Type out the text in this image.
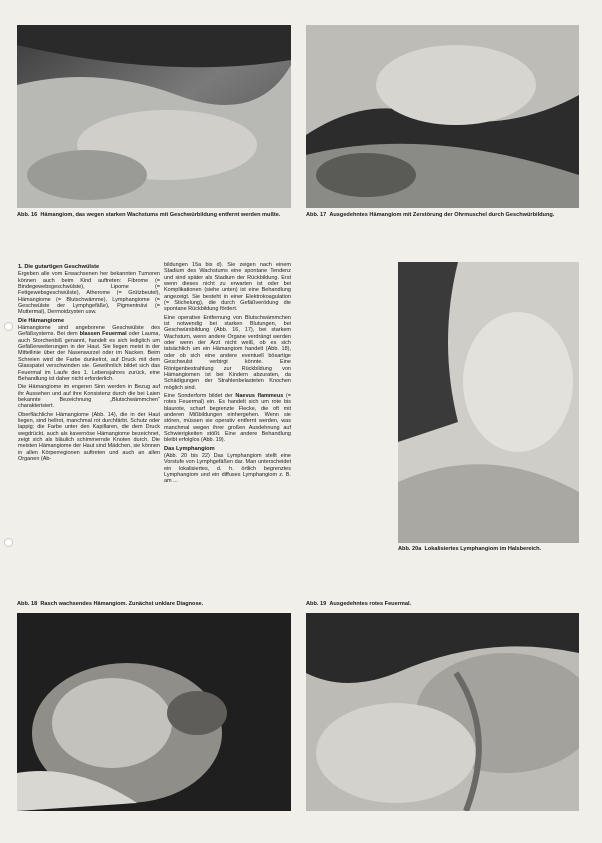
Abb. 16 Hämangiom, das wegen starken Wachstums mit Geschwürbildung entfernt werden mußte.	Abb. 17 Ausgedehntes Hämangiom mit Zerstörung der Ohrmuschel durch Geschwürbildung.
1. Die gutartigen Geschwülste

Ergeben alle vom Erwachsenen her bekannten Tumoren können auch beim Kind auftreten: Fibrome (= Bindegewebsgeschwülste), Lipome (= Fettgewebsgeschwülste), Atherome (= Grützbeutel), Hämangiome (= Blutschwämme), Lymphangiome (= Geschwülste der Lymphgefäße), Pigmentnävi (= Muttermal), Dermoidzysten usw.

Die Hämangiome

Hämangiome sind angeborene Geschwülste des Gefäßsystems. Bei dem blassen Feuermal oder Lauma, auch Storchenbiß genannt, handelt es sich lediglich um Gefäßerweiterungen in der Haut. Sie liegen meist in der Mittellinie über der Nasenwurzel oder im Nacken. Beim Schreien wird die Farbe dunkelrot, auf Druck mit dem Glasspatel verschwinden sie. Gewöhnlich bildet sich das Feuermal im Laufe des 1. Lebensjahres zurück, eine Behandlung ist daher nicht erforderlich.

Die Hämangiome im engeren Sinn werden in Bezug auf ihr Aussehen und auf ihre Konsistenz durch die bei Laien bekannte Bezeichnung „Blutschwämmchen“ charakterisiert.

Oberflächliche Hämangiome (Abb. 14), die in der Haut liegen, sind hellrot, manchmal rot durchfärbt. Schutz oder lappig; die Farbe unter den Kapillaren, die dem Druck wegdrückt, auch als kavernöse Hämangiome bezeichnet, zeigt sich als bläulich schimmernde Knoten durch. Die meisten Hämangiome der Haut sind Mädchen, sie können in allen Körperregionen auftreten und auch an allen Organen (Ab-

bildungen 15a bis d). Sie zeigen nach einem Stadium des Wachstums eine spontane Tendenz und sind später als Stadium der Rückbildung. Erst wenn dieses nicht zu erwarten ist oder bei Komplikationen (siehe unten) ist eine Behandlung angezeigt. Sie besteht in einer Elektrokoagulation (= Stichelung), die durch Gefäßverödung die spontane Rückbildung fördert.

Eine operative Entfernung von Blutschwämmchen ist notwendig bei starken Blutungen, bei Geschwürsbildung (Abb. 16, 17), bei starkem Wachstum, wenn andere Organe verdrängt werden oder wenn der Arzt nicht weiß, ob es sich tatsächlich um ein Hämangiom handelt (Abb. 18), oder ob sich eine andere eventuell bösartige Geschwulst verbirgt könnte. Eine Röntgenbestrahlung zur Rückbildung von Hämangiomen ist bei Kindern abzuraten, da Schädigungen der Strahlenbelasteten Knochen möglich sind.

Eine Sonderform bildet der Naevus flammeus (= rotes Feuermal) ein. Es handelt sich um rote bis blaurote, scharf begrenzte Flecke, die oft mit anderen Mißbildungen einhergehen. Wenn sie stören, müssen sie operativ entfernt werden, was manchmal wegen ihrer großen Ausdehnung auf Schwierigkeiten stößt. Eine andere Behandlung bleibt erfolglos (Abb. 19).

Das Lymphangiom

(Abb. 20 bis 22) Das Lymphangiom stellt eine Vorstufe von Lymphgefäßen dar. Man unterscheidet ein lokalisiertes, d. h. örtlich begrenztes Lymphangiom und ein diffuses Lymphangiom z. B. am ...

Abb. 20a Lokalisiertes Lymphangiom im Halsbereich.
Abb. 18 Rasch wachsendes Hämangiom. Zunächst unklare Diagnose.	Abb. 19 Ausgedehntes rotes Feuermal.
